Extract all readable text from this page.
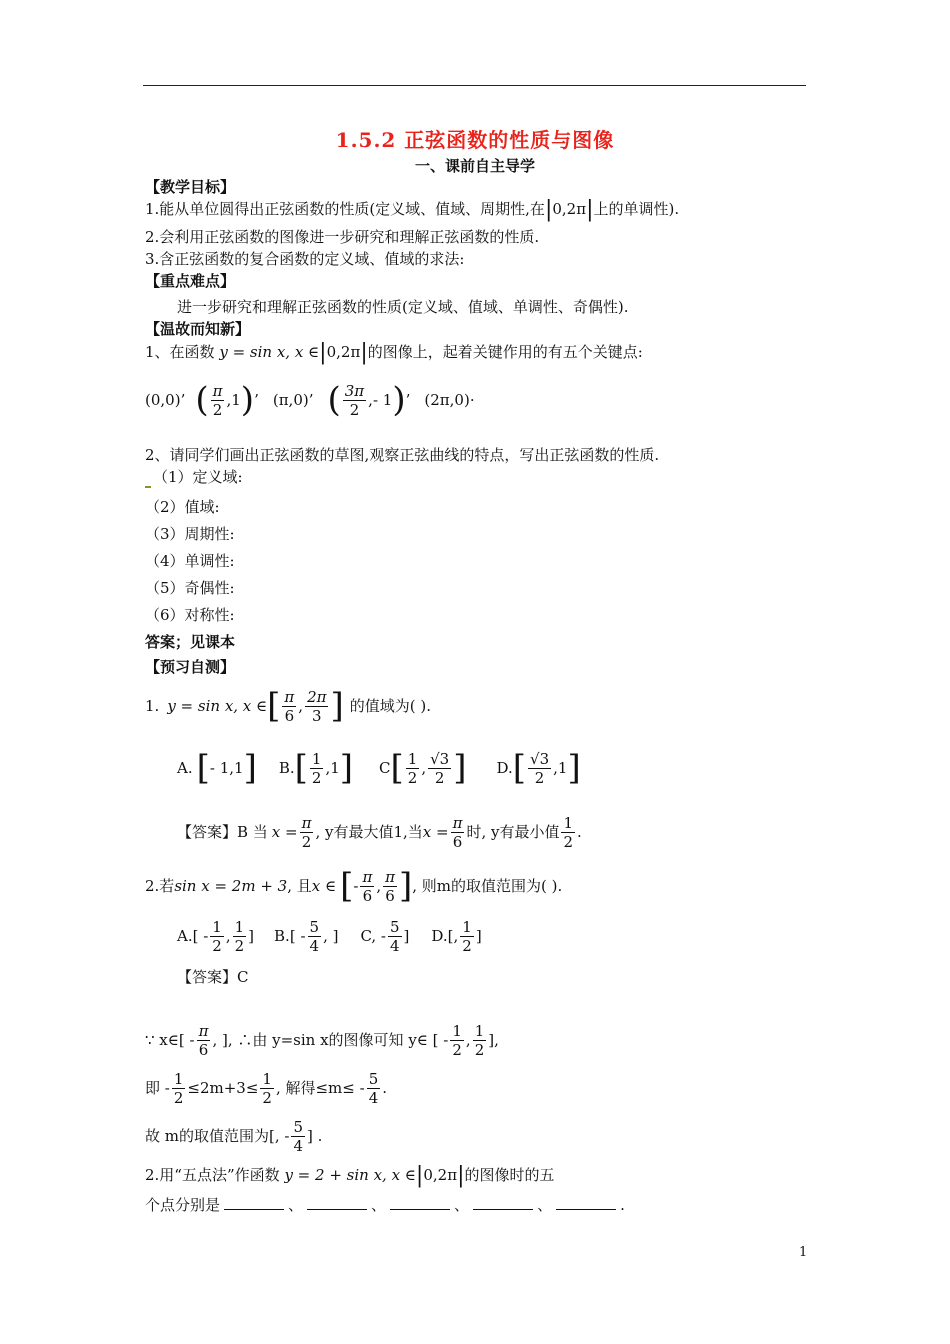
1.5.2 正弦函数的性质与图像
一、课前自主导学
【教学目标】
1.能从单位圆得出正弦函数的性质(定义域、值域、周期性,在|0,2π|上的单调性).
2.会利用正弦函数的图像进一步研究和理解正弦函数的性质.
3.含正弦函数的复合函数的定义域、值域的求法:
【重点难点】
进一步研究和理解正弦函数的性质(定义域、值域、单调性、奇偶性).
【温故而知新】
1、在函数 y = sin x, x ∈|0,2π|的图像上，起着关键作用的有五个关键点:
(0,0) ’ ( $\frac{\pi}{2}$ , 1 ) ’ (π,0) ’ ( $\frac{3\pi}{2}$ , - 1 ) ’ (2π,0) ·
2、请同学们画出正弦函数的草图,观察正弦曲线的特点，写出正弦函数的性质.
（1）定义域:
（2）值域:
（3）周期性:
（4）单调性:
（5）奇偶性:
（6）对称性:
答案；见课本
【预习自测】
1. y = sin x, x ∈ [ $\frac{\pi}{6}$ , $\frac{2\pi}{3}$ ] 的值域为( ).
A. [ - 1,1 ] B. [ $\frac{1}{2} ,1$ ] C [ $\frac{1}{2}$ , $\frac{√3}{2}$ ] D. [ $\frac{√3}{2} ,1$ ]
【答案】B 当 $x = \frac{\pi}{2}$ , y有最大值1,当 $x = \frac{\pi}{6}$ 时, y有最小值 $\frac{1}{2}$ .
2.若 sin x = 2m + 3 , 且 x ∈ [ - $\frac{\pi}{6}$ , $\frac{\pi}{6}$ ] , 则m的取值范围为( ).
$A.[ - \frac{1}{2}$ , $\frac{1}{2}$ ] $B.[ - \frac{5}{4}$ , ] C, - $\frac{5}{4}$ ] D.[, $\frac{1}{2}$ ]
【答案】C
∵ x∈[ - $\frac{\pi}{6}$ , ], ∴由 y=sin x的图像可知 y∈ [ - $\frac{1}{2}$ , $\frac{1}{2}$ ],
即 - $\frac{1}{2} \le 2m+3\le \frac{1}{2}$ , 解得$\le m\le - \frac{5}{4}$ .
故 m的取值范围为[, - $\frac{5}{4}$ ] .
2.用“五点法”作函数 y = 2 + sin x, x ∈|0,2π|的图像时的五
个点分别是	、	、	、	、	.
1
